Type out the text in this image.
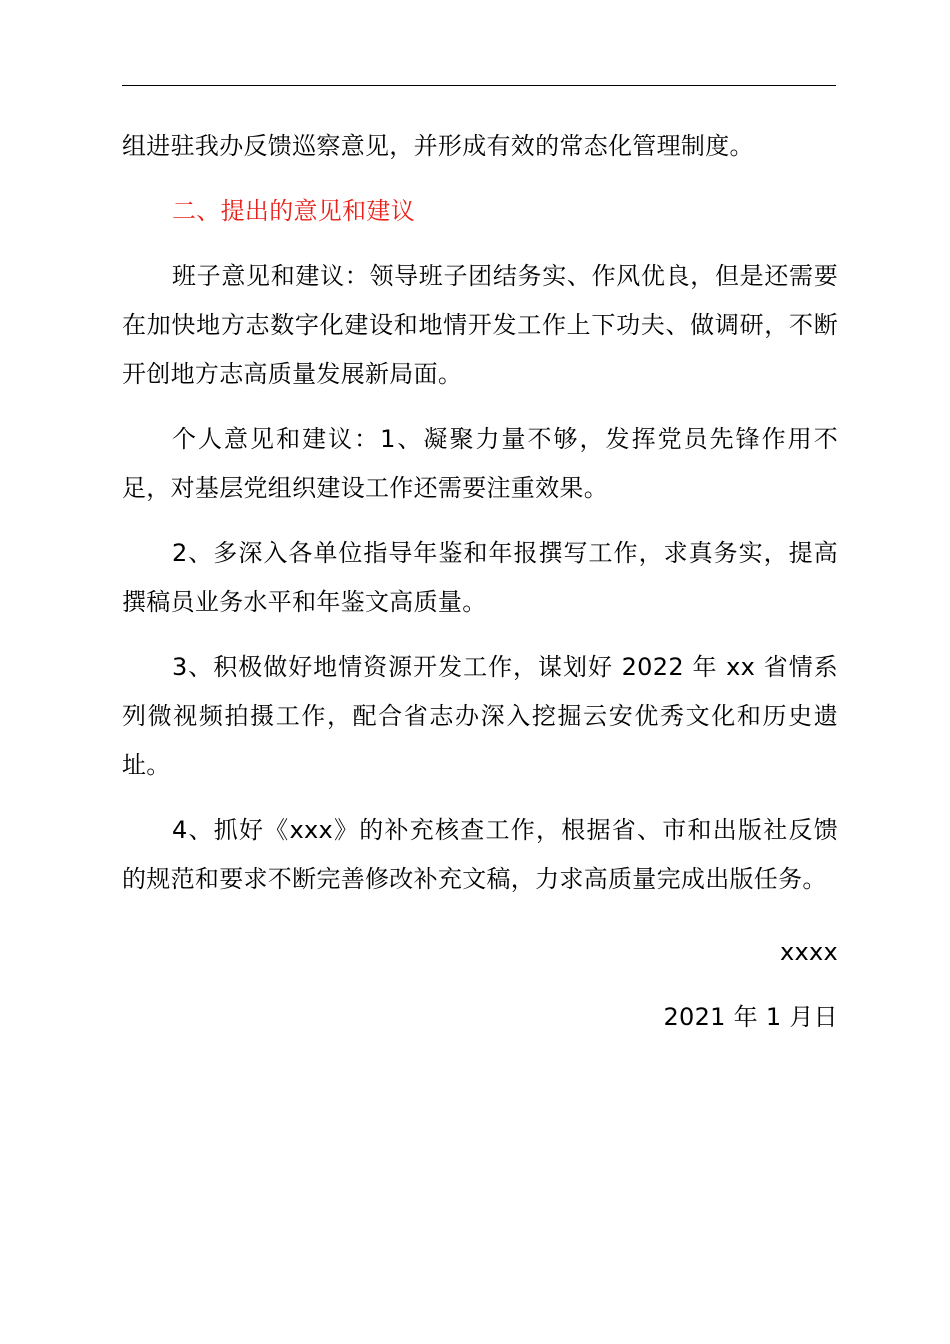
组进驻我办反馈巡察意见，并形成有效的常态化管理制度。

二、提出的意见和建议

班子意见和建议：领导班子团结务实、作风优良，但是还需要在加快地方志数字化建设和地情开发工作上下功夫、做调研，不断开创地方志高质量发展新局面。

个人意见和建议：1、凝聚力量不够，发挥党员先锋作用不足，对基层党组织建设工作还需要注重效果。

2、多深入各单位指导年鉴和年报撰写工作，求真务实，提高撰稿员业务水平和年鉴文高质量。

3、积极做好地情资源开发工作，谋划好 2022 年 xx 省情系列微视频拍摄工作，配合省志办深入挖掘云安优秀文化和历史遗址。

4、抓好《xxx》的补充核查工作，根据省、市和出版社反馈的规范和要求不断完善修改补充文稿，力求高质量完成出版任务。

xxxx

2021 年 1 月日
